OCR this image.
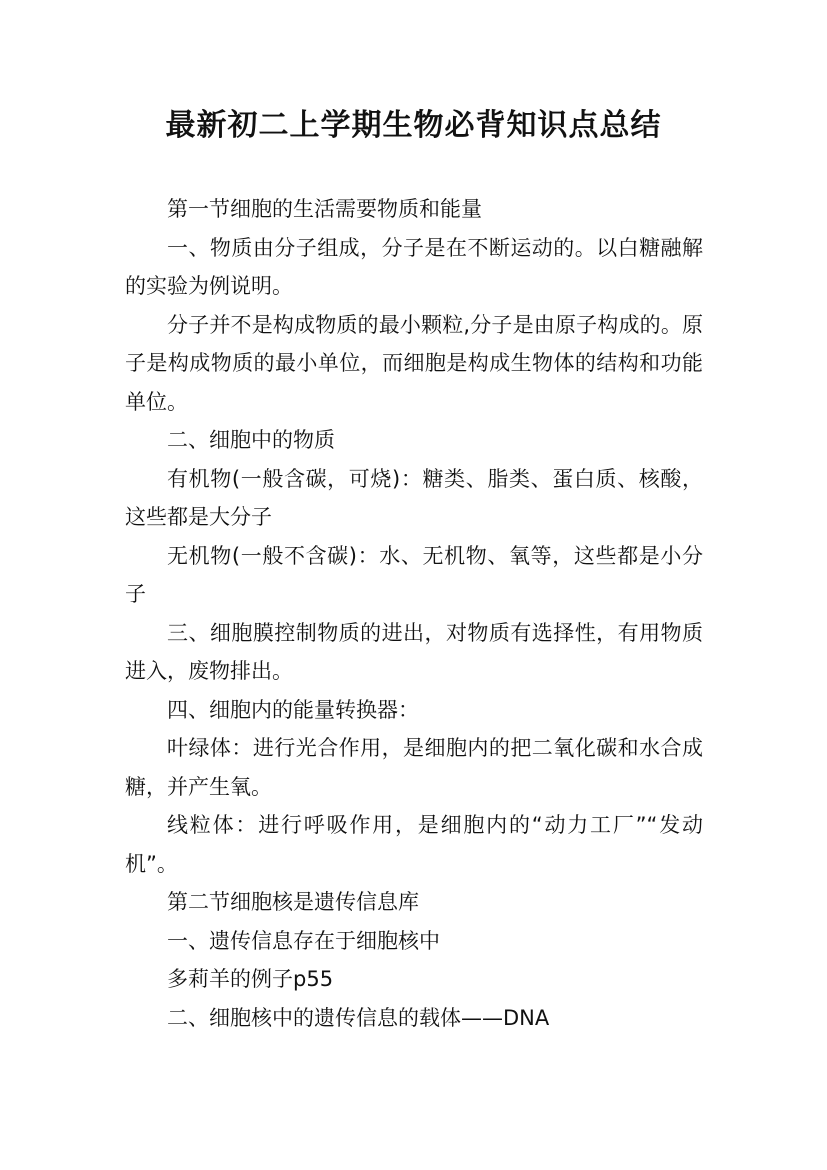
最新初二上学期生物必背知识点总结

第一节细胞的生活需要物质和能量

一、物质由分子组成，分子是在不断运动的。以白糖融解的实验为例说明。

分子并不是构成物质的最小颗粒,分子是由原子构成的。原子是构成物质的最小单位，而细胞是构成生物体的结构和功能单位。

二、细胞中的物质

有机物(一般含碳，可烧)：糖类、脂类、蛋白质、核酸，这些都是大分子

无机物(一般不含碳)：水、无机物、氧等，这些都是小分子

三、细胞膜控制物质的进出，对物质有选择性，有用物质进入，废物排出。

四、细胞内的能量转换器：

叶绿体：进行光合作用，是细胞内的把二氧化碳和水合成糖，并产生氧。

线粒体：进行呼吸作用，是细胞内的“动力工厂”“发动机”。

第二节细胞核是遗传信息库

一、遗传信息存在于细胞核中

多莉羊的例子p55

二、细胞核中的遗传信息的载体——DNA
